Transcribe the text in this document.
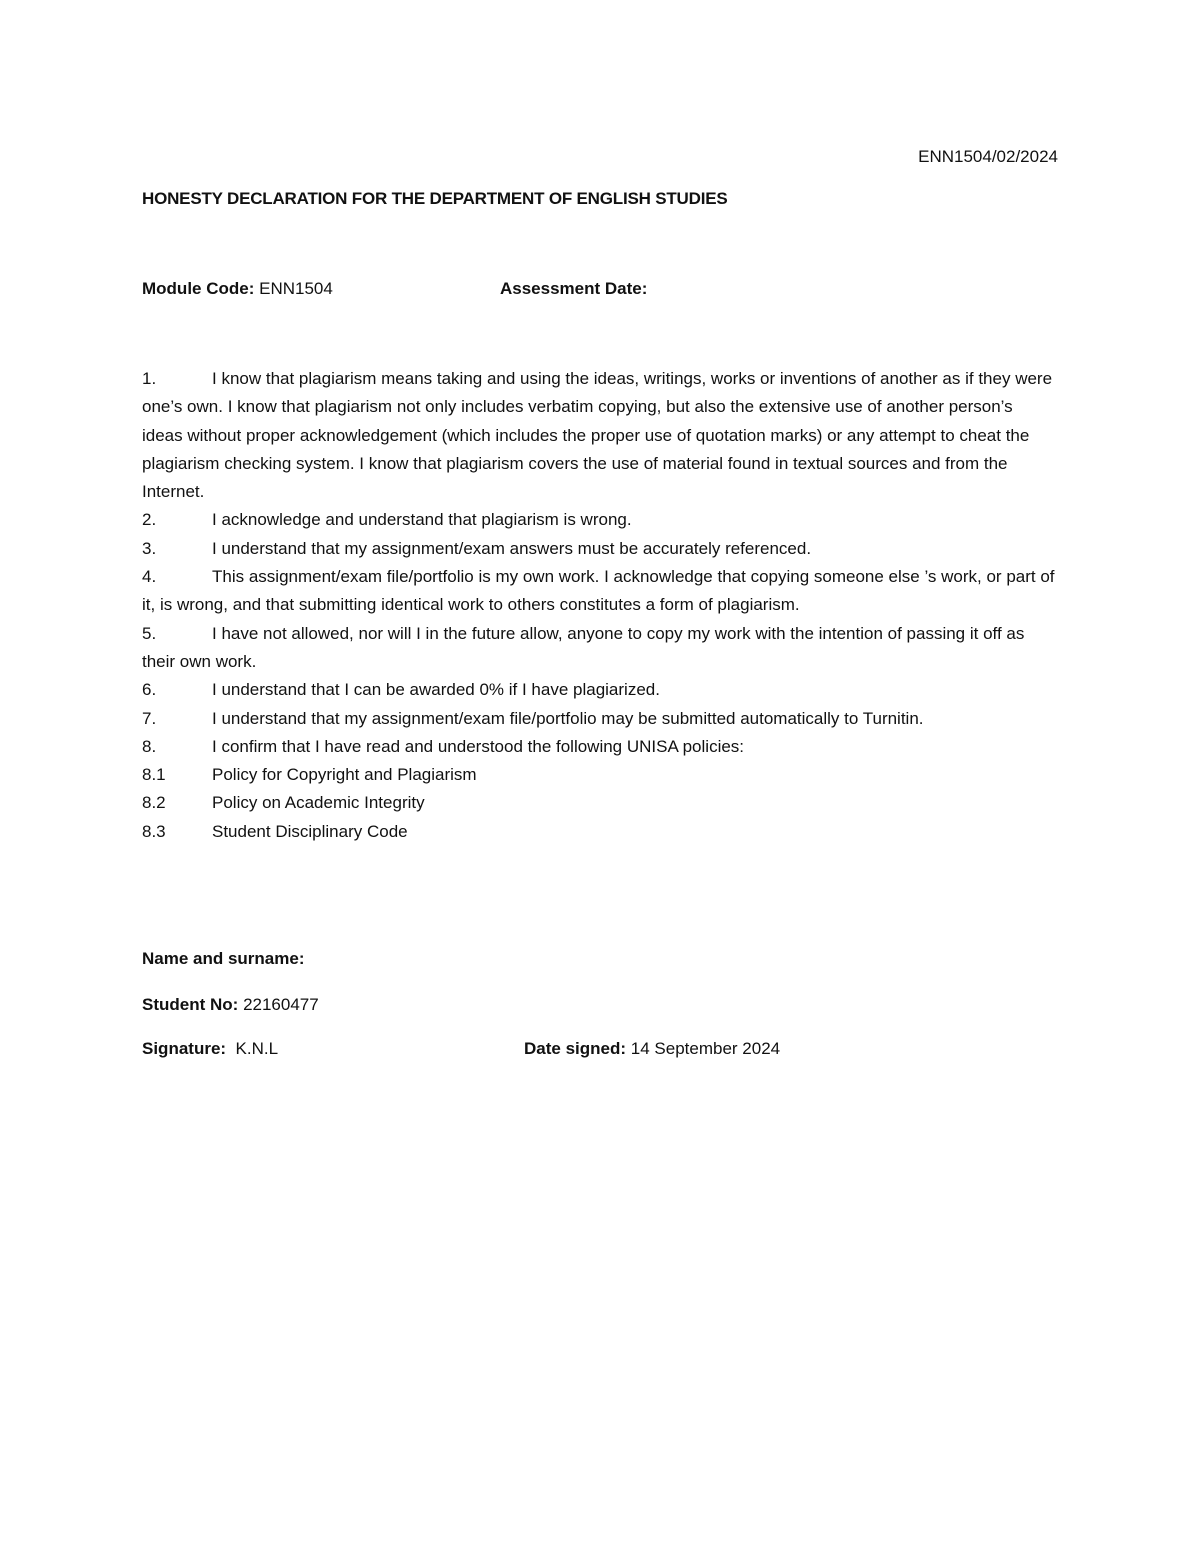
ENN1504/02/2024
HONESTY DECLARATION FOR THE DEPARTMENT OF ENGLISH STUDIES
Module Code: ENN1504	Assessment Date:

1.	I know that plagiarism means taking and using the ideas, writings, works or inventions of another as if they were one’s own. I know that plagiarism not only includes verbatim copying, but also the extensive use of another person’s ideas without proper acknowledgement (which includes the proper use of quotation marks) or any attempt to cheat the plagiarism checking system. I know that plagiarism covers the use of material found in textual sources and from the Internet.

2.	I acknowledge and understand that plagiarism is wrong.

3.	I understand that my assignment/exam answers must be accurately referenced.

4.	This assignment/exam file/portfolio is my own work. I acknowledge that copying someone else ’s work, or part of it, is wrong, and that submitting identical work to others constitutes a form of plagiarism.

5.	I have not allowed, nor will I in the future allow, anyone to copy my work with the intention of passing it off as their own work.

6.	I understand that I can be awarded 0% if I have plagiarized.

7.	I understand that my assignment/exam file/portfolio may be submitted automatically to Turnitin.

8.	I confirm that I have read and understood the following UNISA policies:

8.1	Policy for Copyright and Plagiarism

8.2	Policy on Academic Integrity

8.3	Student Disciplinary Code

Name and surname:
Student No: 22160477
Signature: K.N.L	Date signed: 14 September 2024
